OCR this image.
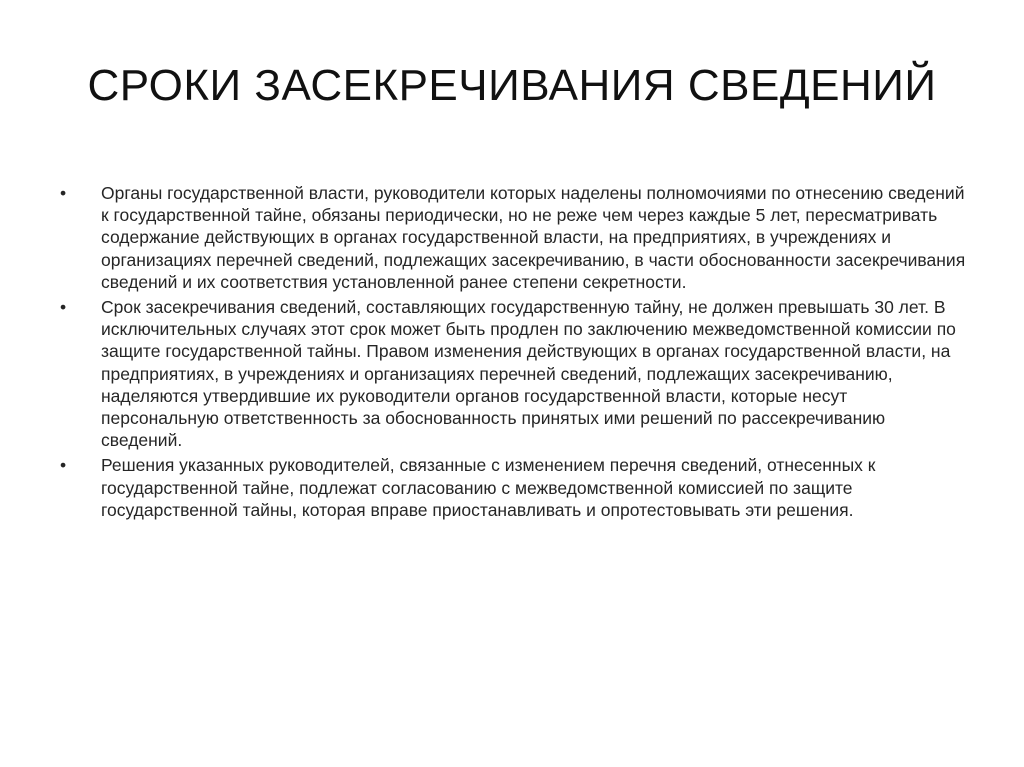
СРОКИ ЗАСЕКРЕЧИВАНИЯ СВЕДЕНИЙ
•	Органы государственной власти, руководители которых наделены полномочиями по отнесению сведений к государственной тайне, обязаны периодически, но не реже чем через каждые 5 лет, пересматривать содержание действующих в органах государственной власти, на предприятиях, в учреждениях и организациях перечней сведений, подлежащих засекречиванию, в части обоснованности засекречивания сведений и их соответствия установленной ранее степени секретности.
•	Срок засекречивания сведений, составляющих государственную тайну, не должен превышать 30 лет. В исключительных случаях этот срок может быть продлен по заключению межведомственной комиссии по защите государственной тайны. Правом изменения действующих в органах государственной власти, на предприятиях, в учреждениях и организациях перечней сведений, подлежащих засекречиванию, наделяются утвердившие их руководители органов государственной власти, которые несут персональную ответственность за обоснованность принятых ими решений по рассекречиванию сведений.
•	Решения указанных руководителей, связанные с изменением перечня сведений, отнесенных к государственной тайне, подлежат согласованию с межведомственной комиссией по защите государственной тайны, которая вправе приостанавливать и опротестовывать эти решения.
